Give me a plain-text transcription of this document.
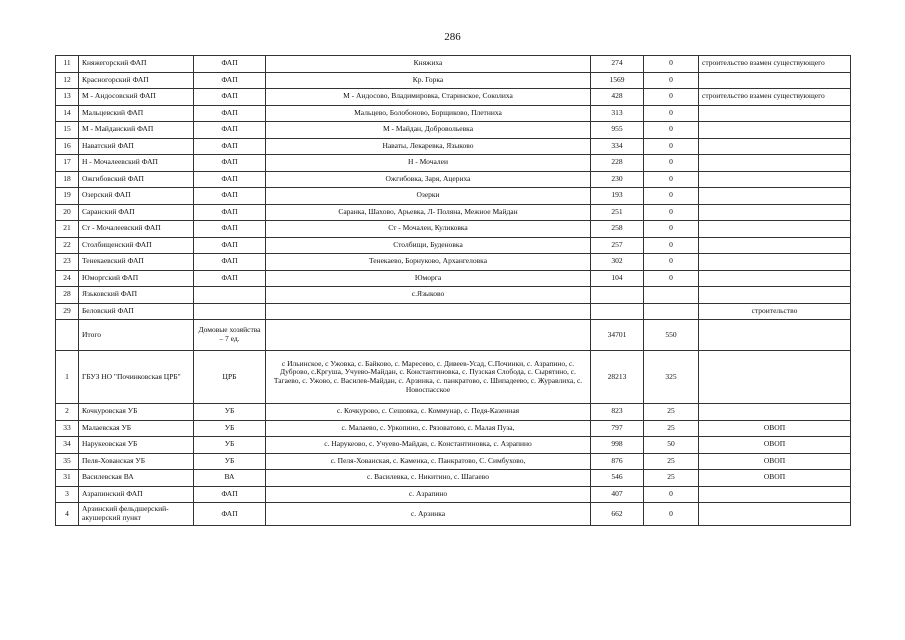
286
11	Княжегорский ФАП	ФАП	Княжиха	274	0	строительство взамен существующего
12	Красногорский ФАП	ФАП	Кр. Горка	1569	0	
13	М - Андосовский ФАП	ФАП	М - Андосово, Владимировка, Старинское, Соколиха	428	0	строительство взамен существующего
14	Мальцевский ФАП	ФАП	Мальцево, Болобоново, Борщиково, Плетниха	313	0	
15	М - Майданский ФАП	ФАП	М - Майдан, Добровольевка	955	0	
16	Наватский ФАП	ФАП	Наваты, Лекаревка, Языково	334	0	
17	Н - Мочалеевский ФАП	ФАП	Н - Мочалеи	228	0	
18	Ожгибовский ФАП	ФАП	Ожгибовка, Заря, Ацериха	230	0	
19	Озерский ФАП	ФАП	Озерки	193	0	
20	Саранский ФАП	ФАП	Саранка, Шахово, Арьевка, Л- Поляна, Межное Майдан	251	0	
21	Ст - Мочалеевский ФАП	ФАП	Ст - Мочалеи, Куликовка	258	0	
22	Столбищенский ФАП	ФАП	Столбищи, Буденовка	257	0	
23	Тенекаевский ФАП	ФАП	Тенекаево, Борнуково, Архангеловка	302	0	
24	Юморгский ФАП	ФАП	Юморга	104	0	
28	Язьковский ФАП		с.Языково			
29	Беловский ФАП					строительство
	Итого	Домовые хозяйства – 7 ед.		34701	550	
1	ГБУЗ НО "Починковская ЦРБ"	ЦРБ	с Ильинское, с Ужовка, с. Байково, с. Маресево, с. Дивеев-Усад, С.Починки, с. Азрапино, с. Дуброво, с.Кргуша, Учуево-Майдан, с. Константиновка, с. Пузская Слобода, с. Сырятино, с. Тагаево, с. Ужово, с. Василев-Майдан, с. Арзинка, с. панкратово, с. Шипадеево, с. Журавлиха, с. Новоспасское	28213	325	
2	Кочкуровская УБ	УБ	с. Кочкурово, с. Сешовка, с. Коммунар, с. Педя-Казенная	823	25	
33	Малаевская УБ	УБ	с. Малаево, с. Уркопино, с. Рязоватово, с. Малая Пуза,	797	25	ОВОП
34	Нарукеовская УБ	УБ	с. Нарукеово, с. Учуево-Майдан, с. Константиновка, с. Азрапино	998	50	ОВОП
35	Пеля-Хованская УБ	УБ	с. Пеля-Хованская, с. Каменка, с. Панкратово, С. Симбухово,	876	25	ОВОП
31	Василевская ВА	ВА	с. Василевка, с. Никитино, с. Шагаево	546	25	ОВОП
3	Азрапинский ФАП	ФАП	с. Азрапино	407	0	
4	Арзинский фельдшерский-акушерский пункт	ФАП	с. Арзинка	662	0	
